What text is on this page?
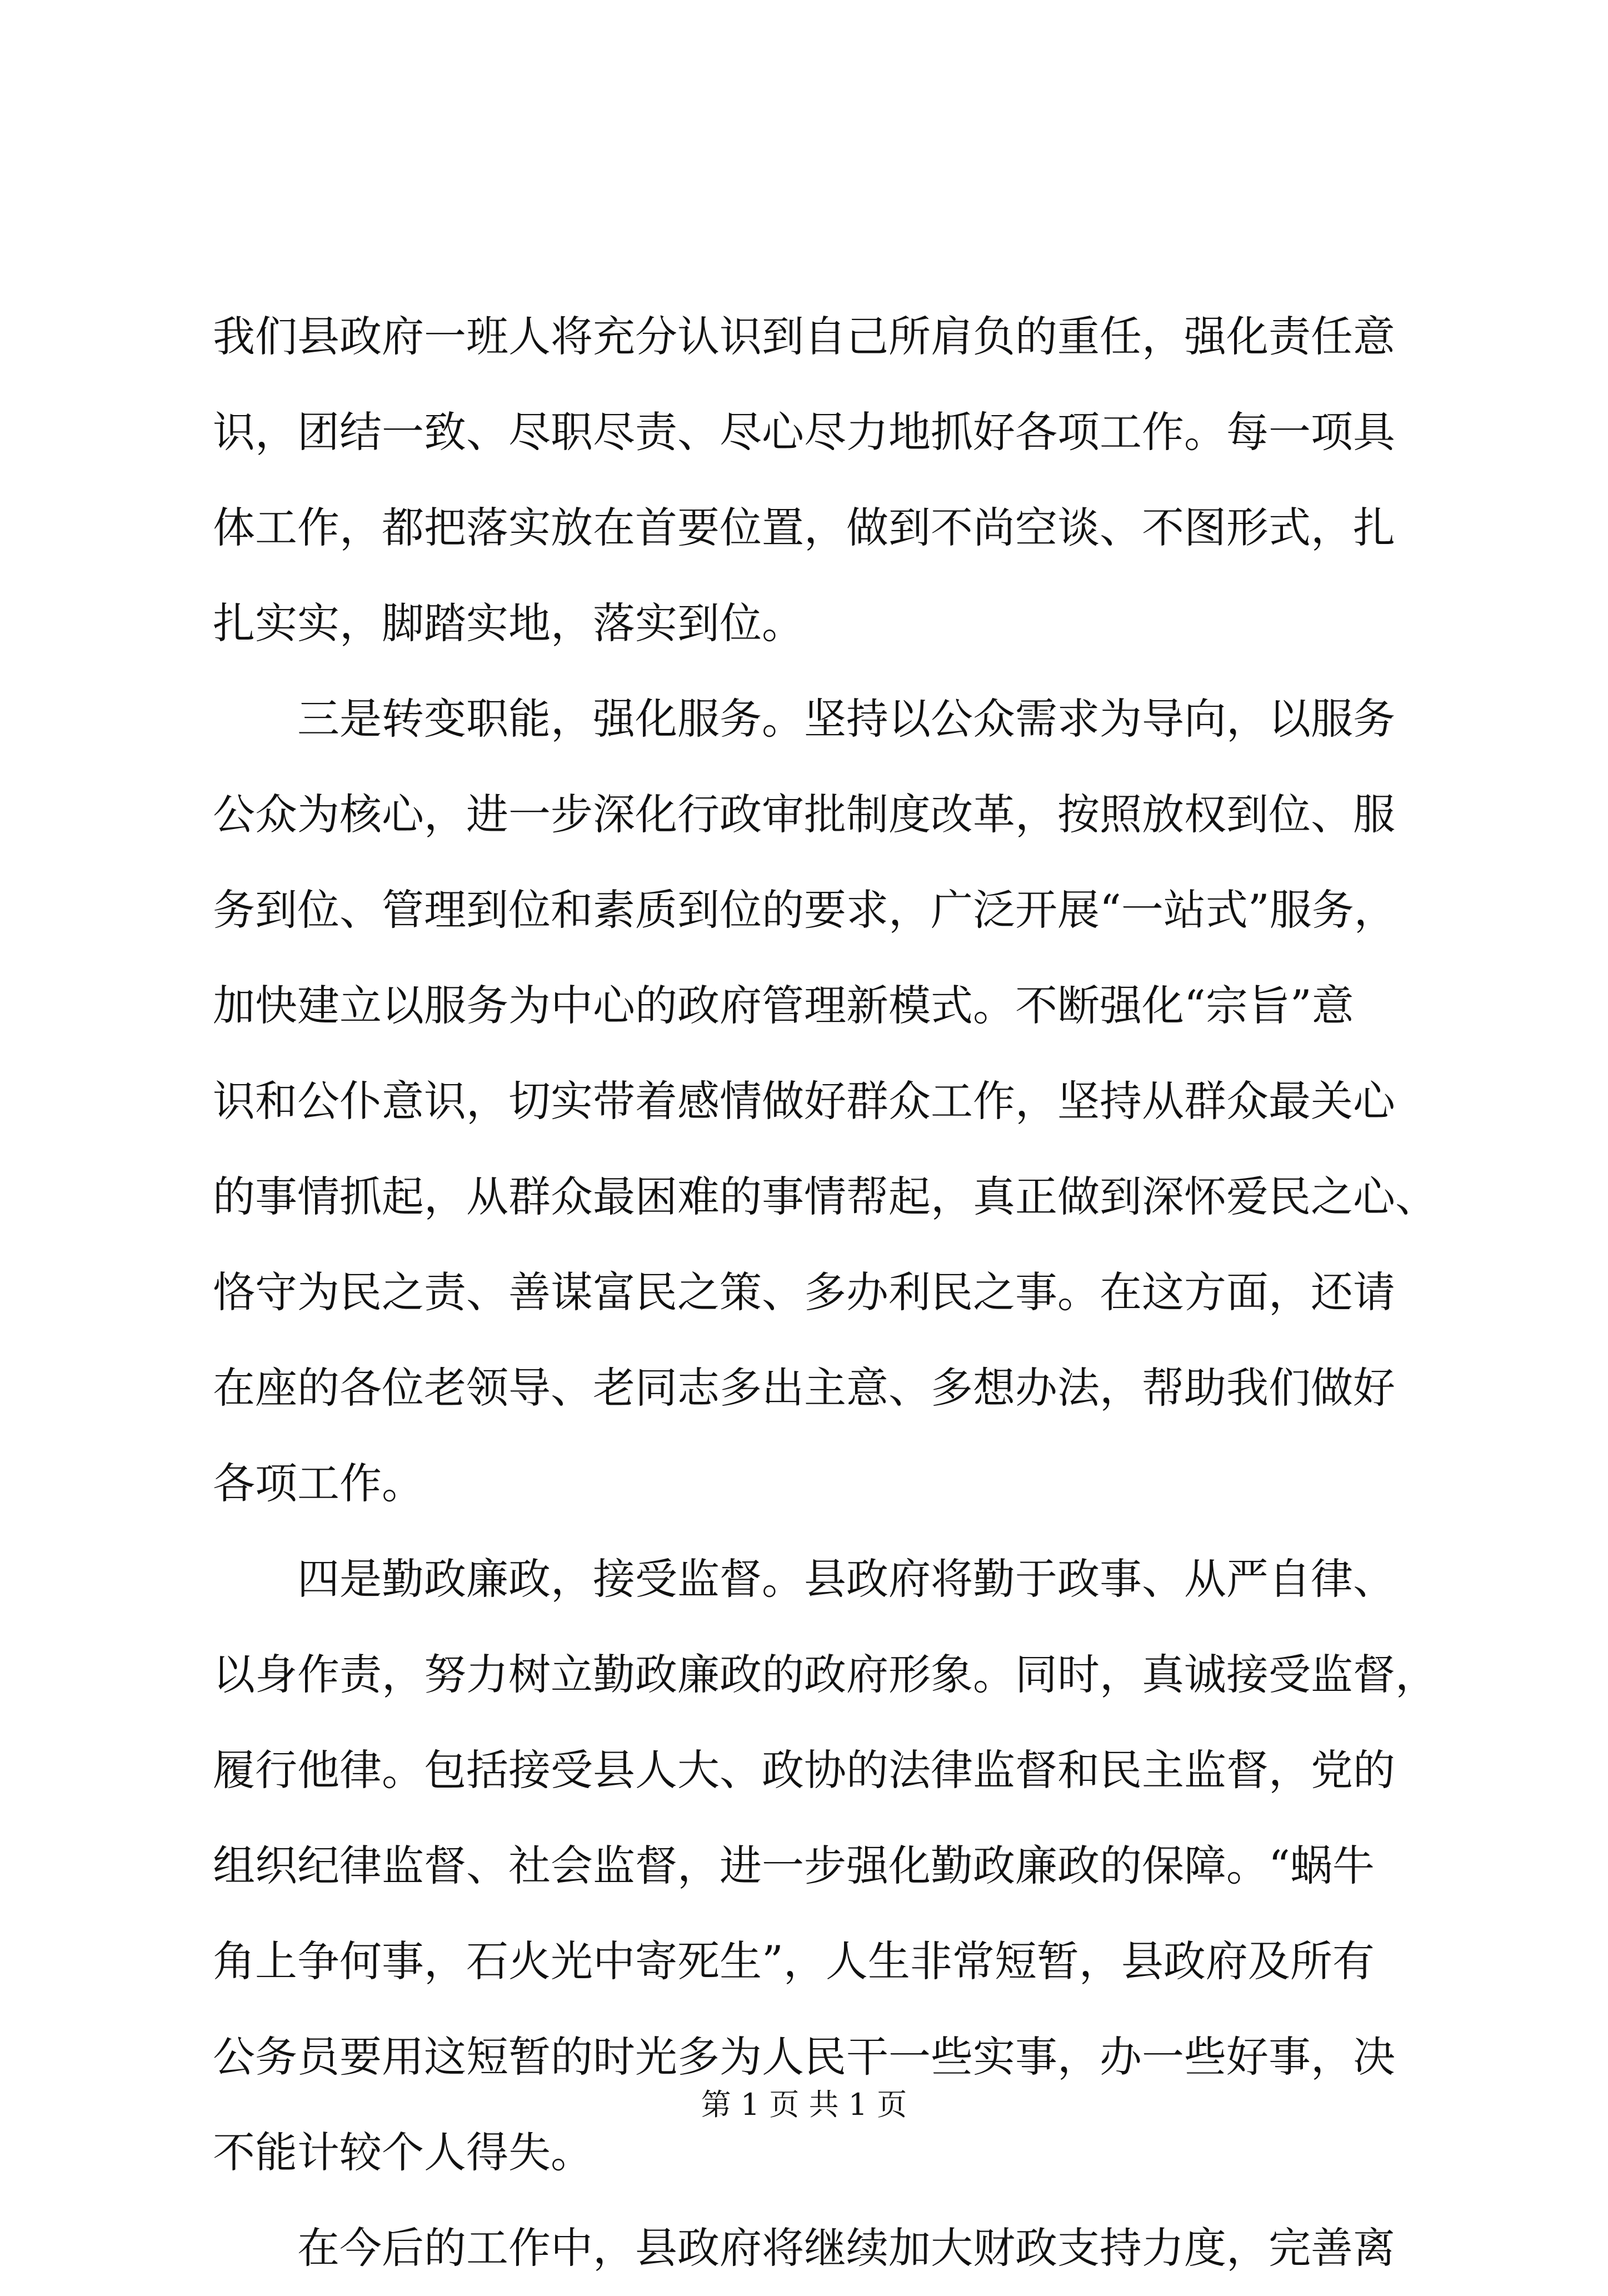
我们县政府一班人将充分认识到自己所肩负的重任，强化责任意
识，团结一致、尽职尽责、尽心尽力地抓好各项工作。每一项具
体工作，都把落实放在首要位置，做到不尚空谈、不图形式，扎
扎实实，脚踏实地，落实到位。
三是转变职能，强化服务。坚持以公众需求为导向，以服务
公众为核心，进一步深化行政审批制度改革，按照放权到位、服
务到位、管理到位和素质到位的要求，广泛开展“一站式”服务，
加快建立以服务为中心的政府管理新模式。不断强化“宗旨”意
识和公仆意识，切实带着感情做好群众工作，坚持从群众最关心
的事情抓起，从群众最困难的事情帮起，真正做到深怀爱民之心、
恪守为民之责、善谋富民之策、多办利民之事。在这方面，还请
在座的各位老领导、老同志多出主意、多想办法，帮助我们做好
各项工作。
四是勤政廉政，接受监督。县政府将勤于政事、从严自律、
以身作责，努力树立勤政廉政的政府形象。同时，真诚接受监督，
履行他律。包括接受县人大、政协的法律监督和民主监督，党的
组织纪律监督、社会监督，进一步强化勤政廉政的保障。“蜗牛
角上争何事，石火光中寄死生”，人生非常短暂，县政府及所有
公务员要用这短暂的时光多为人民干一些实事，办一些好事，决
不能计较个人得失。
在今后的工作中，县政府将继续加大财政支持力度，完善离
第 1 页 共 1 页
